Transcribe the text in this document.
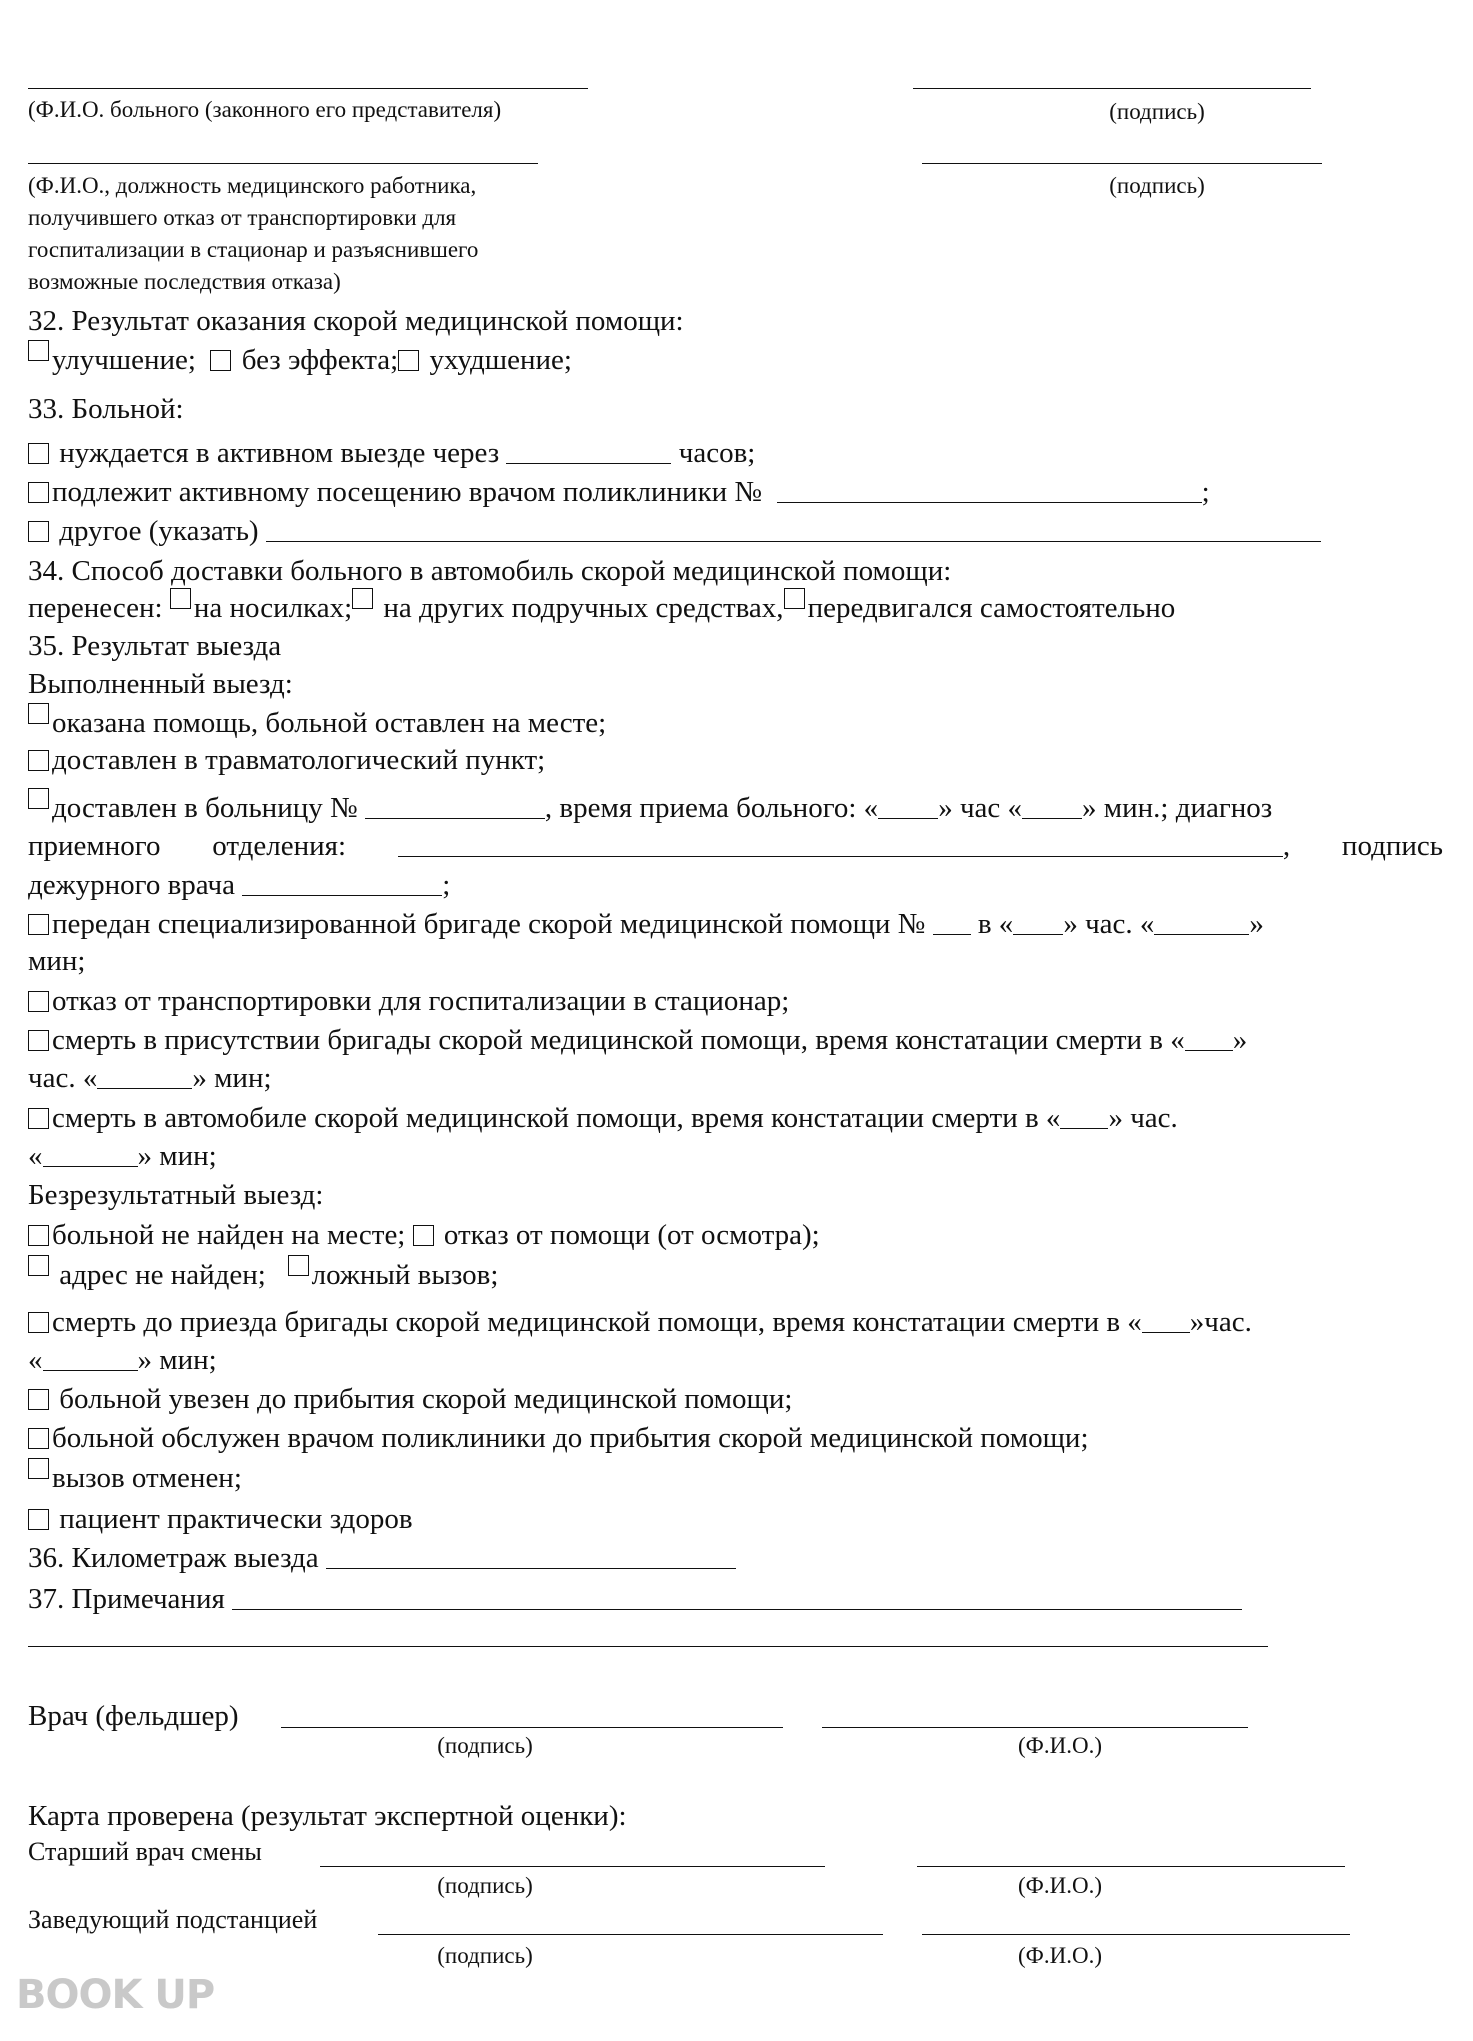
(Ф.И.О. больного (законного его представителя)	(подпись)
(Ф.И.О., должность медицинского работника,
получившего отказ от транспортировки для
госпитализации в стационар и разъяснившего
возможные последствия отказа)
(подпись)
32. Результат оказания скорой медицинской помощи:
улучшение; без эффекта; ухудшение;
33. Больной:
нуждается в активном выезде через	часов;
подлежит активному посещению врачом поликлиники №	;
другое (указать)
34. Способ доставки больного в автомобиль скорой медицинской помощи:
перенесен: на носилках; на других подручных средствах, передвигался самостоятельно
35. Результат выезда
Выполненный выезд:
оказана помощь, больной оставлен на месте;
доставлен в травматологический пункт;
доставлен в больницу №	, время приема больного: « » час « » мин.; диагноз
приемного отделения:	, подпись
дежурного врача	;
передан специализированной бригаде скорой медицинской помощи № в « » час. «	»
мин;
отказ от транспортировки для госпитализации в стационар;
смерть в присутствии бригады скорой медицинской помощи, время констатации смерти в « »
час. «	» мин;
смерть в автомобиле скорой медицинской помощи, время констатации смерти в « » час.
«	» мин;
Безрезультатный выезд:
больной не найден на месте; отказ от помощи (от осмотра);
адрес не найден; ложный вызов;
смерть до приезда бригады скорой медицинской помощи, время констатации смерти в « »час.
«	» мин;
больной увезен до прибытия скорой медицинской помощи;
больной обслужен врачом поликлиники до прибытия скорой медицинской помощи;
вызов отменен;
пациент практически здоров
36. Километраж выезда
37. Примечания
Врач (фельдшер)
(подпись)	(Ф.И.О.)
Карта проверена (результат экспертной оценки):
Старший врач смены
(подпись)	(Ф.И.О.)
Заведующий подстанцией
(подпись)	(Ф.И.О.)
BOOK UP
